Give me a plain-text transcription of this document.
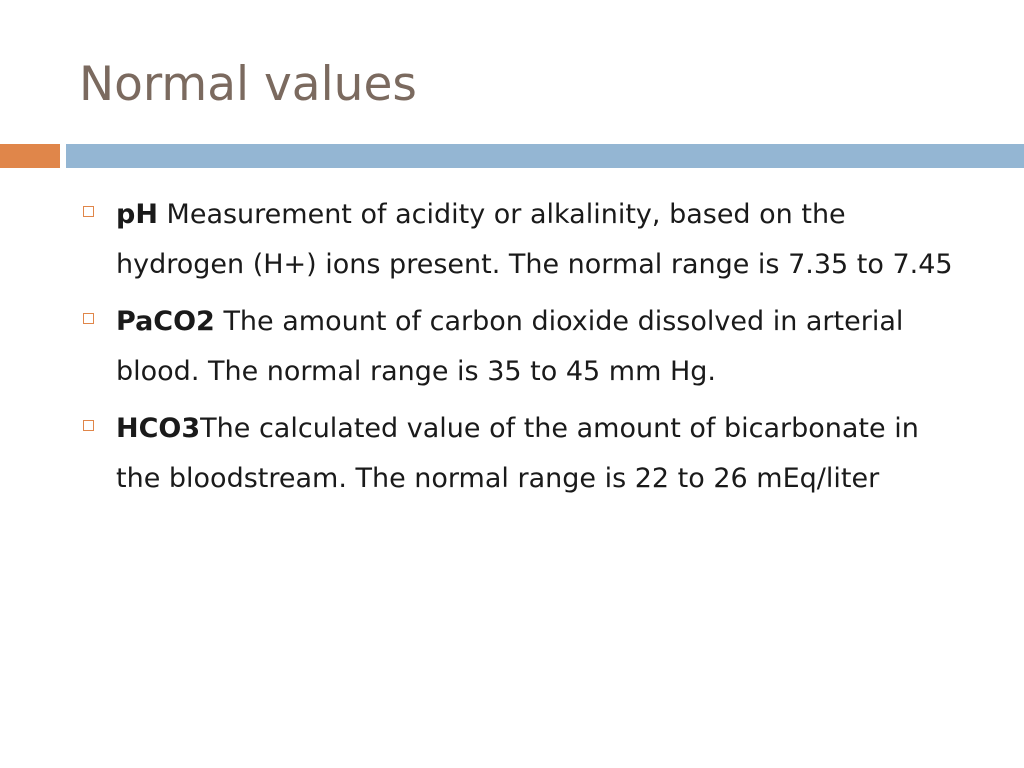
Normal values
pH Measurement of acidity or alkalinity, based on the hydrogen (H+) ions present. The normal range is 7.35 to 7.45
PaCO2 The amount of carbon dioxide dissolved in arterial blood. The normal range is 35 to 45 mm Hg.
HCO3The calculated value of the amount of bicarbonate in the bloodstream. The normal range is 22 to 26 mEq/liter
